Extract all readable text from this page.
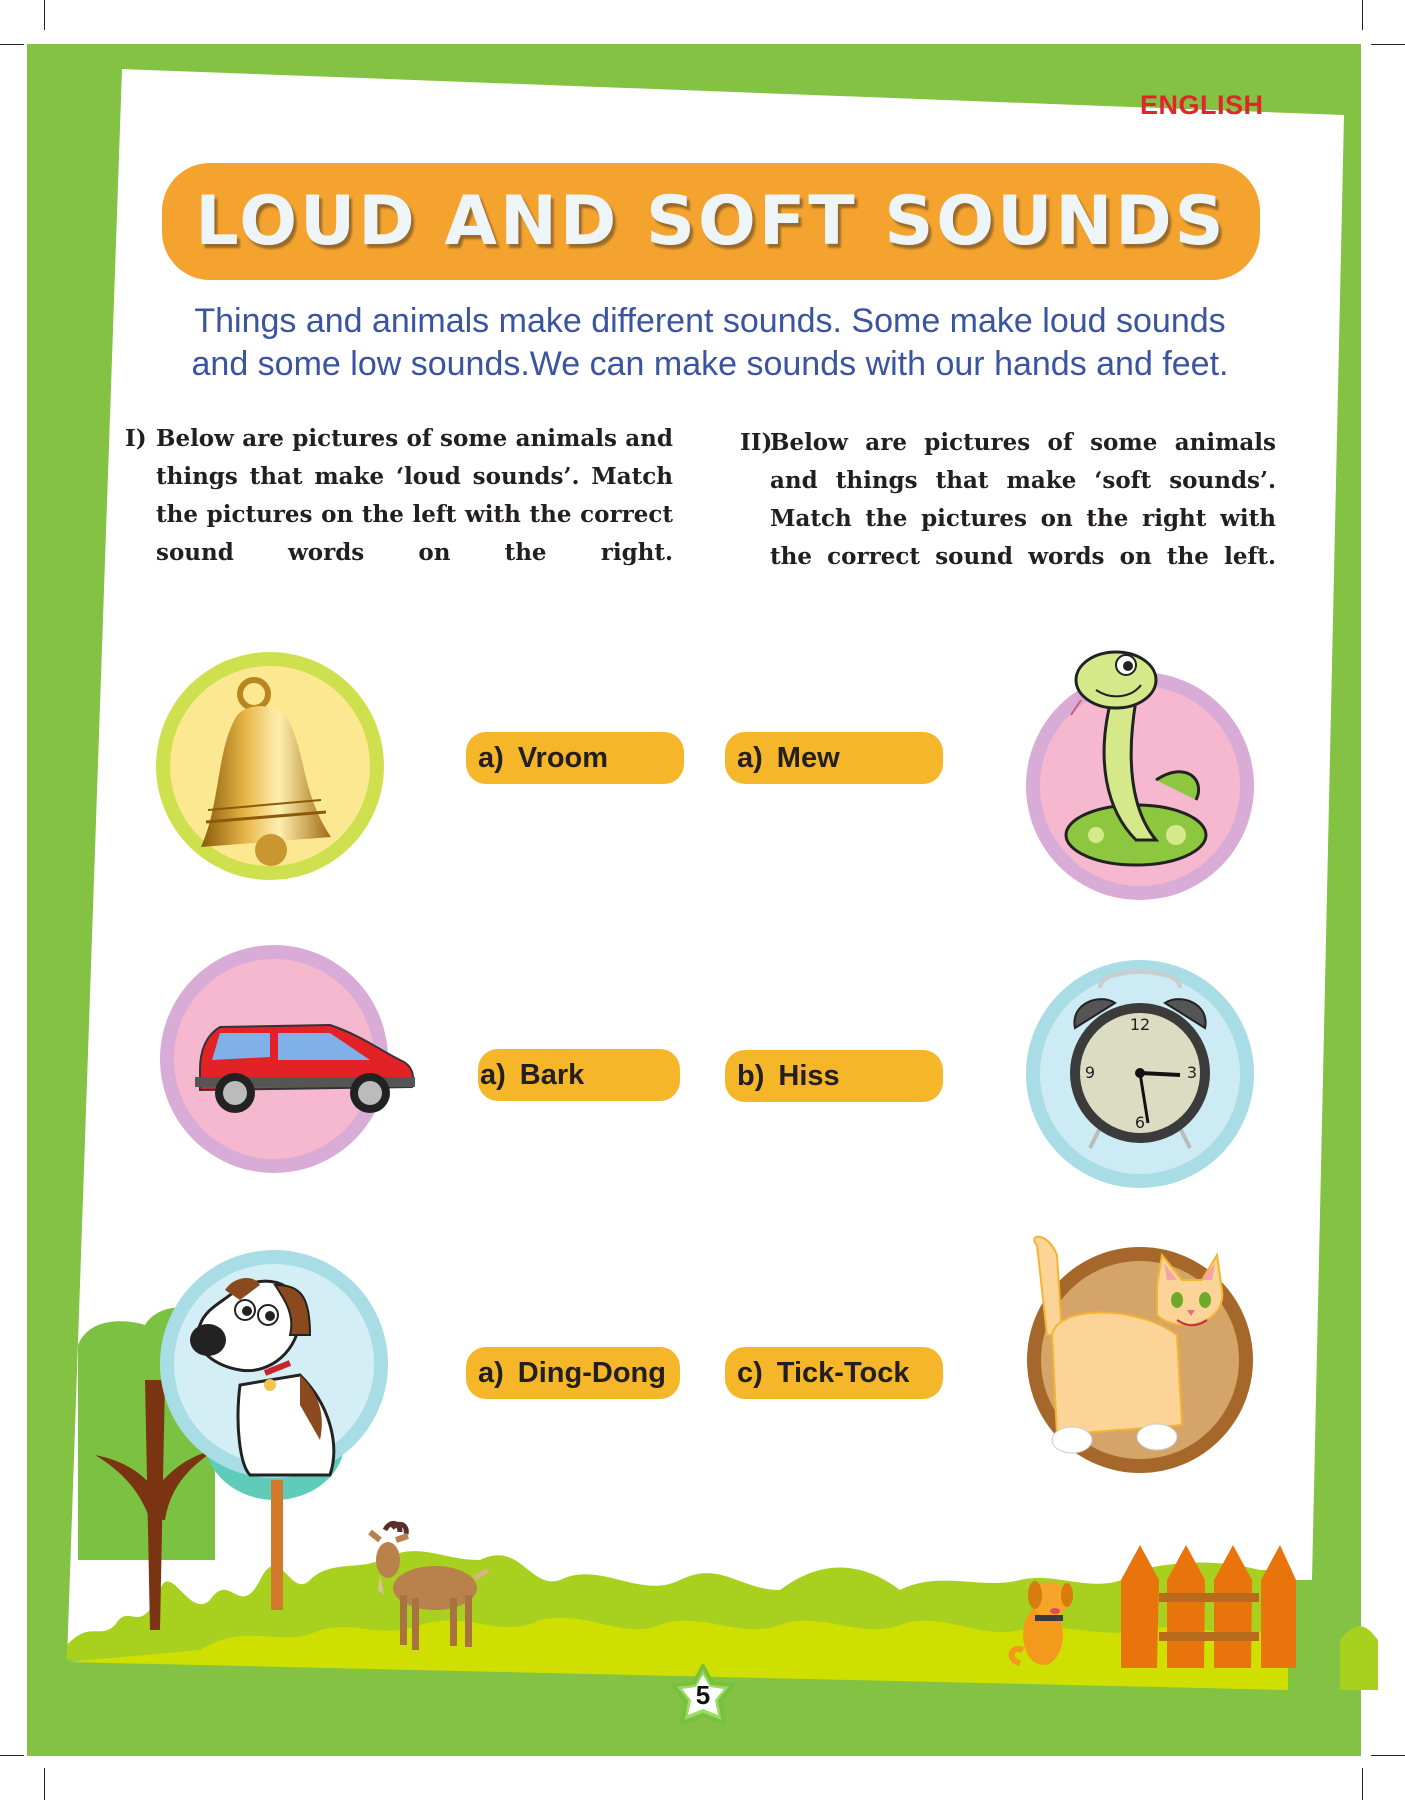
ENGLISH
LOUD AND SOFT SOUNDS
Things and animals make different sounds. Some make loud sounds
and some low sounds.We can make sounds with our hands and feet.
I) Below are pictures of some animals and things that make ‘loud sounds’. Match the pictures on the left with the correct sound words on the right.
II)
Below are pictures of some animals and things that make ‘soft sounds’. Match the pictures on the right with the correct sound words on the left.
a) Vroom
a) Bark
a) Ding-Dong
a) Mew
b) Hiss
c) Tick-Tock
12
3
6
9
5
